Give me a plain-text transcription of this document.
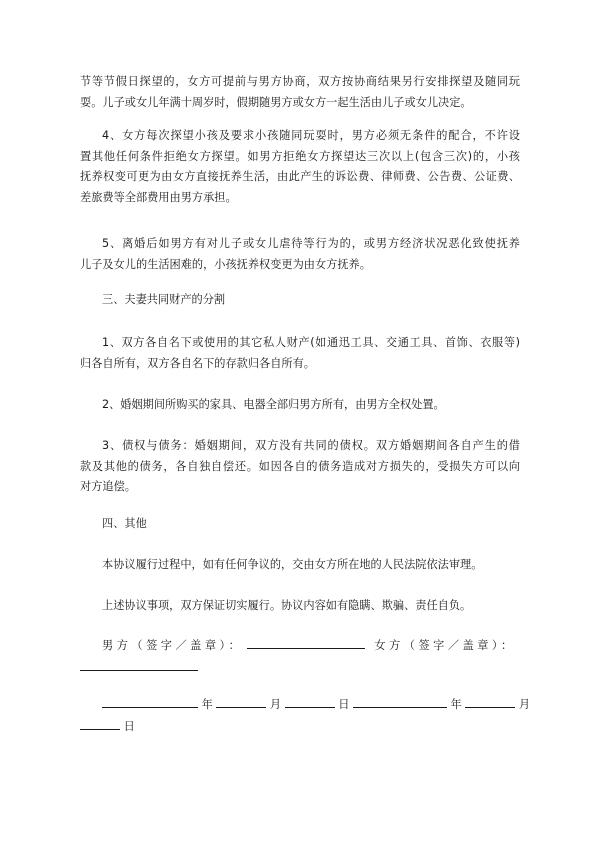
节等节假日探望的，女方可提前与男方协商，双方按协商结果另行安排探望及随同玩
耍。儿子或女儿年满十周岁时，假期随男方或女方一起生活由儿子或女儿决定。
4、女方每次探望小孩及要求小孩随同玩耍时，男方必须无条件的配合，不许设
置其他任何条件拒绝女方探望。如男方拒绝女方探望达三次以上(包含三次)的，小孩
抚养权变可更为由女方直接抚养生活，由此产生的诉讼费、律师费、公告费、公证费、
差旅费等全部费用由男方承担。
5、离婚后如男方有对儿子或女儿虐待等行为的，或男方经济状况恶化致使抚养
儿子及女儿的生活困难的，小孩抚养权变更为由女方抚养。
三、夫妻共同财产的分割
1、双方各自名下或使用的其它私人财产(如通迅工具、交通工具、首饰、衣服等)
归各自所有，双方各自名下的存款归各自所有。
2、婚姻期间所购买的家具、电器全部归男方所有，由男方全权处置。
3、债权与债务：婚姻期间，双方没有共同的债权。双方婚姻期间各自产生的借
款及其他的债务，各自独自偿还。如因各自的债务造成对方损失的，受损失方可以向
对方追偿。
四、其他
本协议履行过程中，如有任何争议的，交由女方所在地的人民法院依法审理。
上述协议事项，双方保证切实履行。协议内容如有隐瞒、欺骗、责任自负。
男方（签字／盖章）：	女方（签字／盖章）：
年	月	日	年	月
日
